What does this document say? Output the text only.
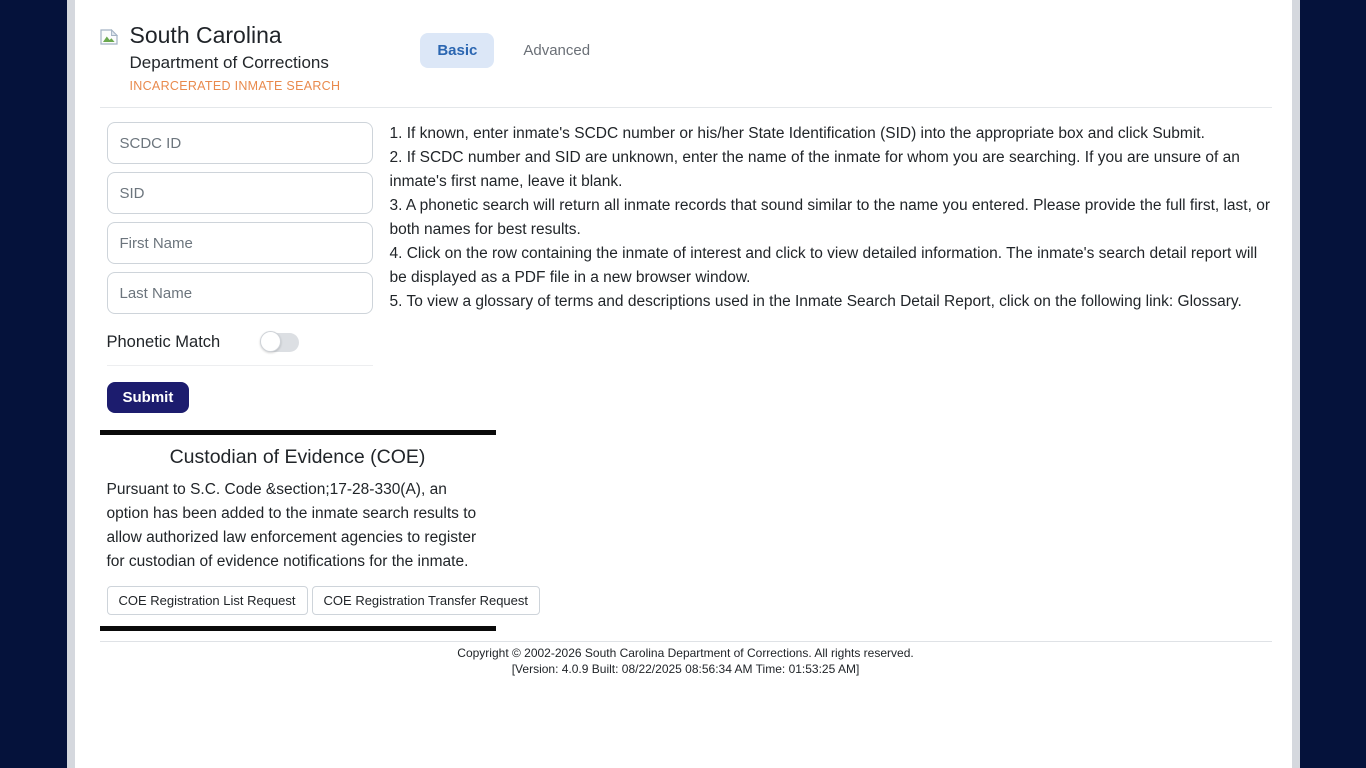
South Carolina
Department of Corrections
INCARCERATED INMATE SEARCH
Basic	Advanced
SCDC ID
SID
First Name
Last Name
Phonetic Match
Submit

1. If known, enter inmate's SCDC number or his/her State Identification (SID) into the appropriate box and click Submit.

2. If SCDC number and SID are unknown, enter the name of the inmate for whom you are searching. If you are unsure of an inmate's first name, leave it blank.

3. A phonetic search will return all inmate records that sound similar to the name you entered. Please provide the full first, last, or both names for best results.

4. Click on the row containing the inmate of interest and click to view detailed information. The inmate's search detail report will be displayed as a PDF file in a new browser window.

5. To view a glossary of terms and descriptions used in the Inmate Search Detail Report, click on the following link: Glossary.

Custodian of Evidence (COE)

Pursuant to S.C. Code &section;17-28-330(A), an option has been added to the inmate search results to allow authorized law enforcement agencies to register for custodian of evidence notifications for the inmate.

COE Registration List Request	COE Registration Transfer Request
Copyright © 2002-2026 South Carolina Department of Corrections. All rights reserved.
[Version: 4.0.9 Built: 08/22/2025 08:56:34 AM Time: 01:53:25 AM]
